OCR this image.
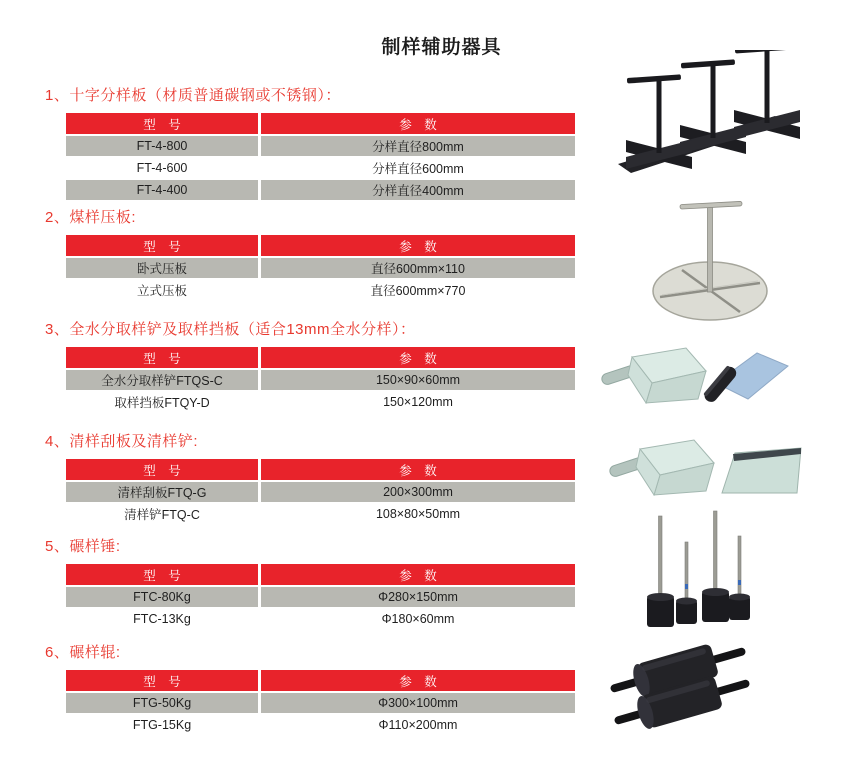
制样辅助器具
1、十字分样板（材质普通碳钢或不锈钢）：
型　号	参　数
FT-4-800	分样直径800mm
FT-4-600	分样直径600mm
FT-4-400	分样直径400mm
2、煤样压板:
型　号	参　数
卧式压板	直径600mm×110
立式压板	直径600mm×770
3、全水分取样铲及取样挡板（适合13mm全水分样）：
型　号	参　数
全水分取样铲FTQS-C	150×90×60mm
取样挡板FTQY-D	150×120mm
4、清样刮板及清样铲:
型　号	参　数
清样刮板FTQ-G	200×300mm
清样铲FTQ-C	108×80×50mm
5、碾样锤:
型　号	参　数
FTC-80Kg	Φ280×150mm
FTC-13Kg	Φ180×60mm
6、碾样辊:
型　号	参　数
FTG-50Kg	Φ300×100mm
FTG-15Kg	Φ110×200mm
